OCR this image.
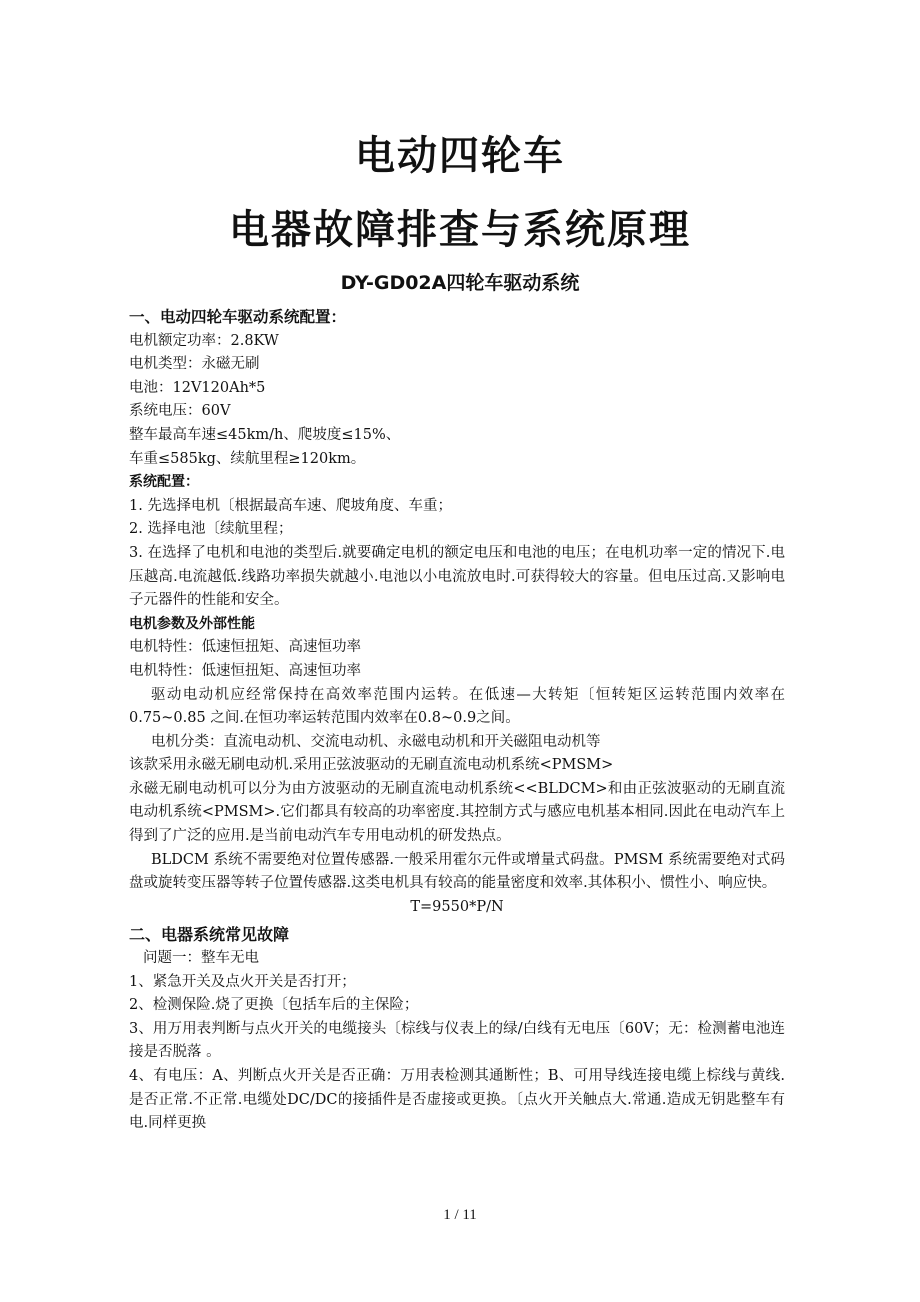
电动四轮车
电器故障排查与系统原理
DY-GD02A四轮车驱动系统

一、电动四轮车驱动系统配置：

电机额定功率：2.8KW

电机类型：永磁无刷

电池：12V120Ah*5

系统电压：60V

整车最高车速≤45km/h、爬坡度≤15%、

车重≤585kg、续航里程≥120km。

系统配置：

1. 先选择电机〔根据最高车速、爬坡角度、车重；

2. 选择电池〔续航里程；

3. 在选择了电机和电池的类型后.就要确定电机的额定电压和电池的电压；在电机功率一定的情况下.电压越高.电流越低.线路功率损失就越小.电池以小电流放电时.可获得较大的容量。但电压过高.又影响电子元器件的性能和安全。

电机参数及外部性能

电机特性：低速恒扭矩、高速恒功率

电机特性：低速恒扭矩、高速恒功率

驱动电动机应经常保持在高效率范围内运转。在低速—大转矩〔恒转矩区运转范围内效率在0.75~0.85 之间.在恒功率运转范围内效率在0.8~0.9之间。

电机分类：直流电动机、交流电动机、永磁电动机和开关磁阻电动机等

该款采用永磁无刷电动机.采用正弦波驱动的无刷直流电动机系统<PMSM>

永磁无刷电动机可以分为由方波驱动的无刷直流电动机系统<<BLDCM>和由正弦波驱动的无刷直流电动机系统<PMSM>.它们都具有较高的功率密度.其控制方式与感应电机基本相同.因此在电动汽车上得到了广泛的应用.是当前电动汽车专用电动机的研发热点。

BLDCM 系统不需要绝对位置传感器.一般采用霍尔元件或增量式码盘。PMSM 系统需要绝对式码盘或旋转变压器等转子位置传感器.这类电机具有较高的能量密度和效率.其体积小、惯性小、响应快。

T=9550*P/N

二、电器系统常见故障

问题一：整车无电

1、紧急开关及点火开关是否打开；

2、检测保险.烧了更换〔包括车后的主保险；

3、用万用表判断与点火开关的电缆接头〔棕线与仪表上的绿/白线有无电压〔60V；无：检测蓄电池连接是否脱落 。

4、有电压：A、判断点火开关是否正确：万用表检测其通断性；B、可用导线连接电缆上棕线与黄线.是否正常.不正常.电缆处DC/DC的接插件是否虚接或更换。〔点火开关触点大.常通.造成无钥匙整车有电.同样更换

1 / 11
